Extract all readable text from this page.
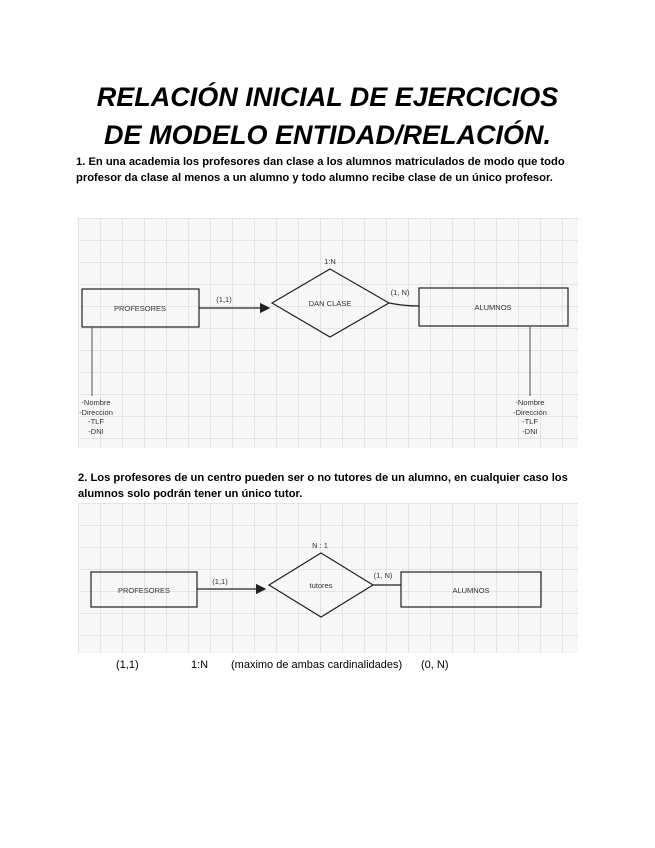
RELACIÓN INICIAL DE EJERCICIOS
DE MODELO ENTIDAD/RELACIÓN.

1. En una academia los profesores dan clase a los alumnos matriculados de modo que todo profesor da clase al menos a un alumno y todo alumno recibe clase de un único profesor.

PROFESORES
DAN CLASE
1:N
ALUMNOS
(1,1)
(1, N)
-Nombre
-Direccion
-TLF
-DNI
-Nombre
-Dirección
-TLF
-DNI

2. Los profesores de un centro pueden ser o no tutores de un alumno, en cualquier caso los alumnos solo podrán tener un único tutor.

PROFESORES
tutores
N : 1
ALUMNOS
(1,1)
(1, N)
(1,1)	1:N (maximo de ambas cardinalidades) (0, N)
